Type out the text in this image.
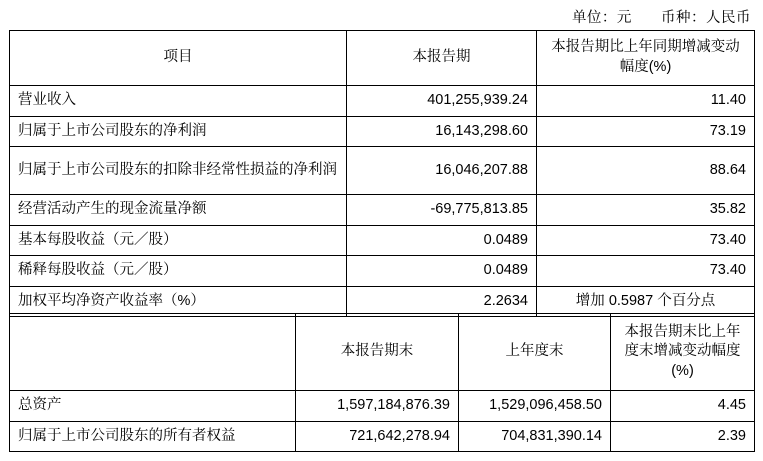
单位：元 币种：人民币
项目	本报告期	本报告期比上年同期增减变动幅度(%)
营业收入	401,255,939.24	11.40
归属于上市公司股东的净利润	16,143,298.60	73.19
归属于上市公司股东的扣除非经常性损益的净利润	16,046,207.88	88.64
经营活动产生的现金流量净额	-69,775,813.85	35.82
基本每股收益（元／股）	0.0489	73.40
稀释每股收益（元／股）	0.0489	73.40
加权平均净资产收益率（%）	2.2634	增加 0.5987 个百分点
	本报告期末	上年度末	本报告期末比上年度末增减变动幅度(%)
总资产	1,597,184,876.39	1,529,096,458.50	4.45
归属于上市公司股东的所有者权益	721,642,278.94	704,831,390.14	2.39
